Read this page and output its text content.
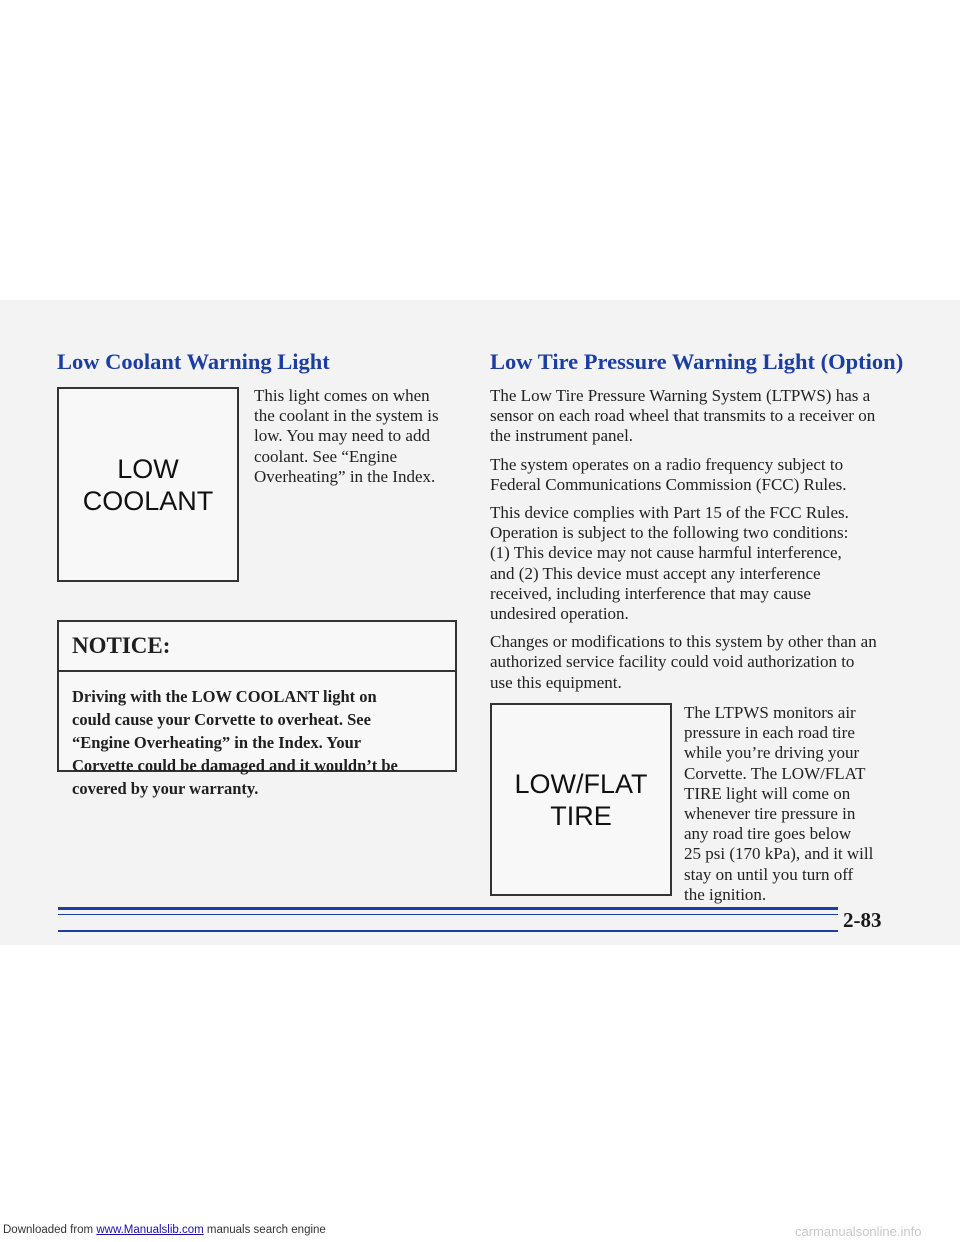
Low Coolant Warning Light
LOW
COOLANT
This light comes on when
the coolant in the system is
low. You may need to add
coolant. See “Engine
Overheating” in the Index.
NOTICE:
Driving with the LOW COOLANT light on
could cause your Corvette to overheat. See
“Engine Overheating” in the Index. Your
Corvette could be damaged and it wouldn’t be
covered by your warranty.
Low Tire Pressure Warning Light (Option)

The Low Tire Pressure Warning System (LTPWS) has a
sensor on each road wheel that transmits to a receiver on
the instrument panel.

The system operates on a radio frequency subject to
Federal Communications Commission (FCC) Rules.

This device complies with Part 15 of the FCC Rules.
Operation is subject to the following two conditions:
(1) This device may not cause harmful interference,
and (2) This device must accept any interference
received, including interference that may cause
undesired operation.

Changes or modifications to this system by other than an
authorized service facility could void authorization to
use this equipment.

LOW/FLAT
TIRE
The LTPWS monitors air
pressure in each road tire
while you’re driving your
Corvette. The LOW/FLAT
TIRE light will come on
whenever tire pressure in
any road tire goes below
25 psi (170 kPa), and it will
stay on until you turn off
the ignition.
2-83
Downloaded from www.Manualslib.com manuals search engine	carmanualsonline.info
